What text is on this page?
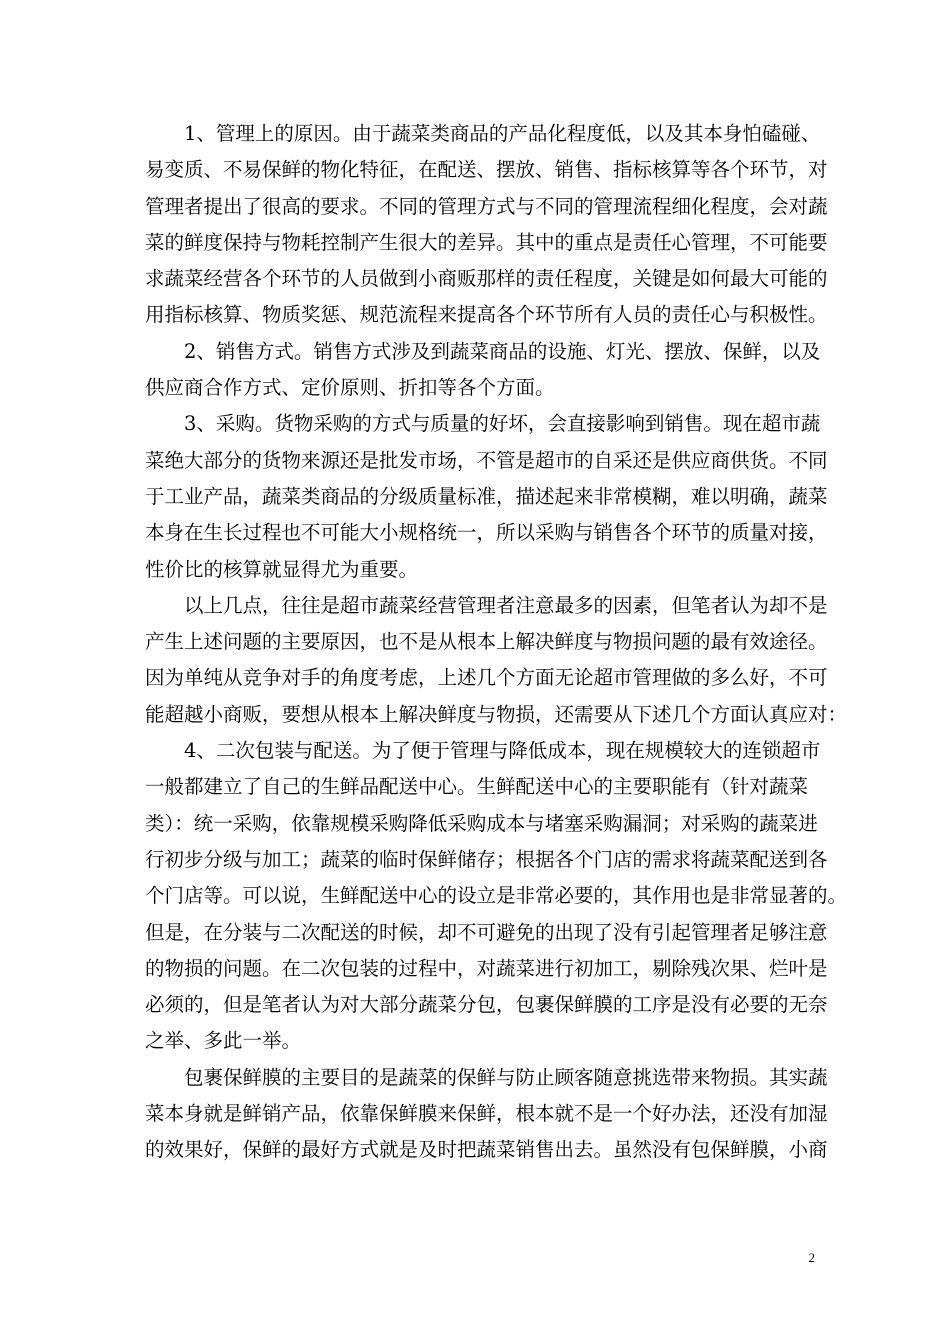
1、管理上的原因。由于蔬菜类商品的产品化程度低，以及其本身怕磕碰、
易变质、不易保鲜的物化特征，在配送、摆放、销售、指标核算等各个环节，对
管理者提出了很高的要求。不同的管理方式与不同的管理流程细化程度，会对蔬
菜的鲜度保持与物耗控制产生很大的差异。其中的重点是责任心管理，不可能要
求蔬菜经营各个环节的人员做到小商贩那样的责任程度，关键是如何最大可能的
用指标核算、物质奖惩、规范流程来提高各个环节所有人员的责任心与积极性。
2、销售方式。销售方式涉及到蔬菜商品的设施、灯光、摆放、保鲜，以及
供应商合作方式、定价原则、折扣等各个方面。
3、采购。货物采购的方式与质量的好坏，会直接影响到销售。现在超市蔬
菜绝大部分的货物来源还是批发市场，不管是超市的自采还是供应商供货。不同
于工业产品，蔬菜类商品的分级质量标准，描述起来非常模糊，难以明确，蔬菜
本身在生长过程也不可能大小规格统一，所以采购与销售各个环节的质量对接，
性价比的核算就显得尤为重要。
以上几点，往往是超市蔬菜经营管理者注意最多的因素，但笔者认为却不是
产生上述问题的主要原因，也不是从根本上解决鲜度与物损问题的最有效途径。
因为单纯从竞争对手的角度考虑，上述几个方面无论超市管理做的多么好，不可
能超越小商贩，要想从根本上解决鲜度与物损，还需要从下述几个方面认真应对：
4、二次包装与配送。为了便于管理与降低成本，现在规模较大的连锁超市
一般都建立了自己的生鲜品配送中心。生鲜配送中心的主要职能有（针对蔬菜
类）：统一采购，依靠规模采购降低采购成本与堵塞采购漏洞；对采购的蔬菜进
行初步分级与加工；蔬菜的临时保鲜储存；根据各个门店的需求将蔬菜配送到各
个门店等。可以说，生鲜配送中心的设立是非常必要的，其作用也是非常显著的。
但是，在分装与二次配送的时候，却不可避免的出现了没有引起管理者足够注意
的物损的问题。在二次包装的过程中，对蔬菜进行初加工，剔除残次果、烂叶是
必须的，但是笔者认为对大部分蔬菜分包，包裹保鲜膜的工序是没有必要的无奈
之举、多此一举。
包裹保鲜膜的主要目的是蔬菜的保鲜与防止顾客随意挑选带来物损。其实蔬
菜本身就是鲜销产品，依靠保鲜膜来保鲜，根本就不是一个好办法，还没有加湿
的效果好，保鲜的最好方式就是及时把蔬菜销售出去。虽然没有包保鲜膜，小商
2
